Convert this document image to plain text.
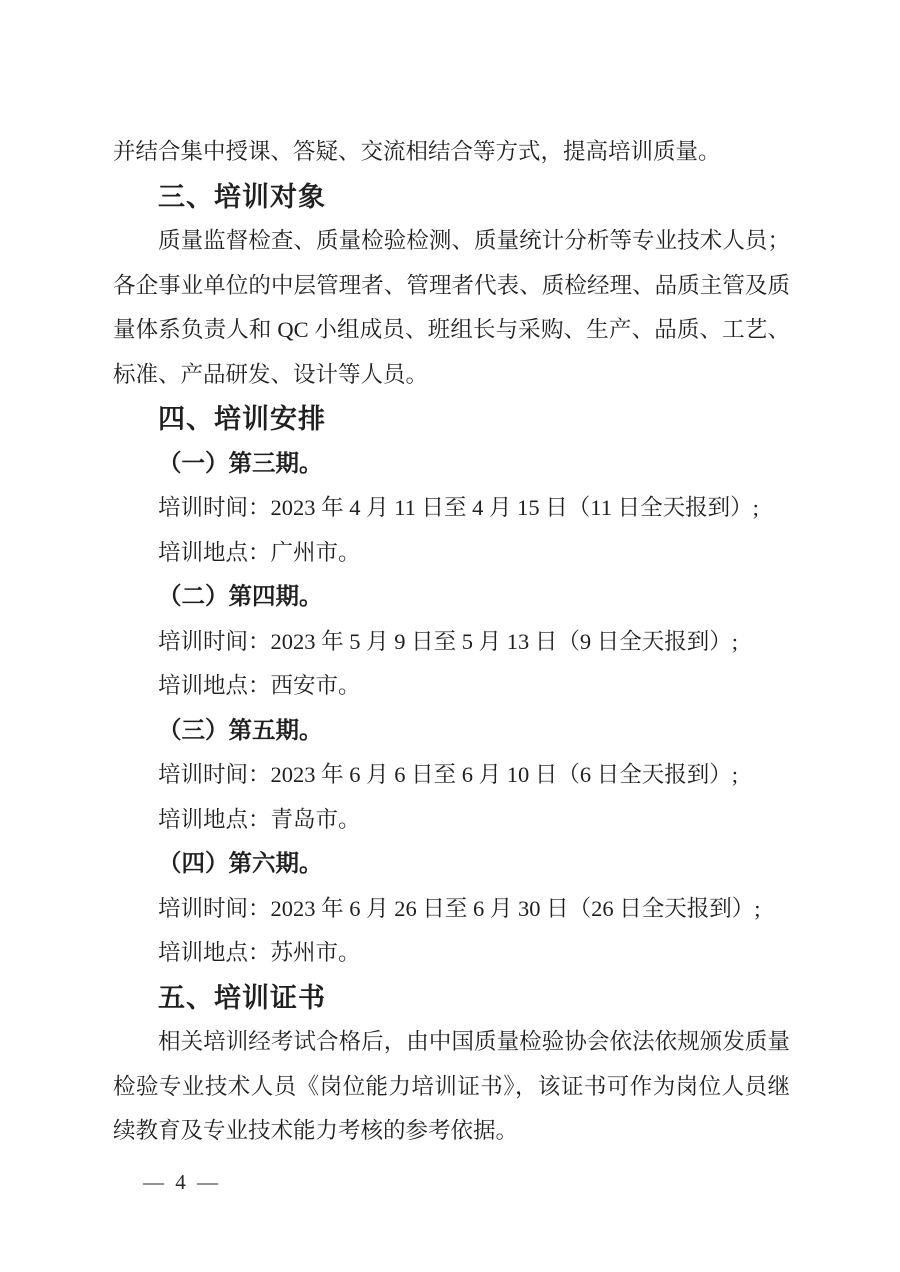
并结合集中授课、答疑、交流相结合等方式，提高培训质量。
三、培训对象
质量监督检查、质量检验检测、质量统计分析等专业技术人员；
各企事业单位的中层管理者、管理者代表、质检经理、品质主管及质
量体系负责人和 QC 小组成员、班组长与采购、生产、品质、工艺、
标准、产品研发、设计等人员。
四、培训安排
（一）第三期。
培训时间：2023 年 4 月 11 日至 4 月 15 日（11 日全天报到）;
培训地点：广州市。
（二）第四期。
培训时间：2023 年 5 月 9 日至 5 月 13 日（9 日全天报到）;
培训地点：西安市。
（三）第五期。
培训时间：2023 年 6 月 6 日至 6 月 10 日（6 日全天报到）;
培训地点：青岛市。
（四）第六期。
培训时间：2023 年 6 月 26 日至 6 月 30 日（26 日全天报到）;
培训地点：苏州市。
五、培训证书
相关培训经考试合格后，由中国质量检验协会依法依规颁发质量
检验专业技术人员《岗位能力培训证书》，该证书可作为岗位人员继
续教育及专业技术能力考核的参考依据。
— 4 —
